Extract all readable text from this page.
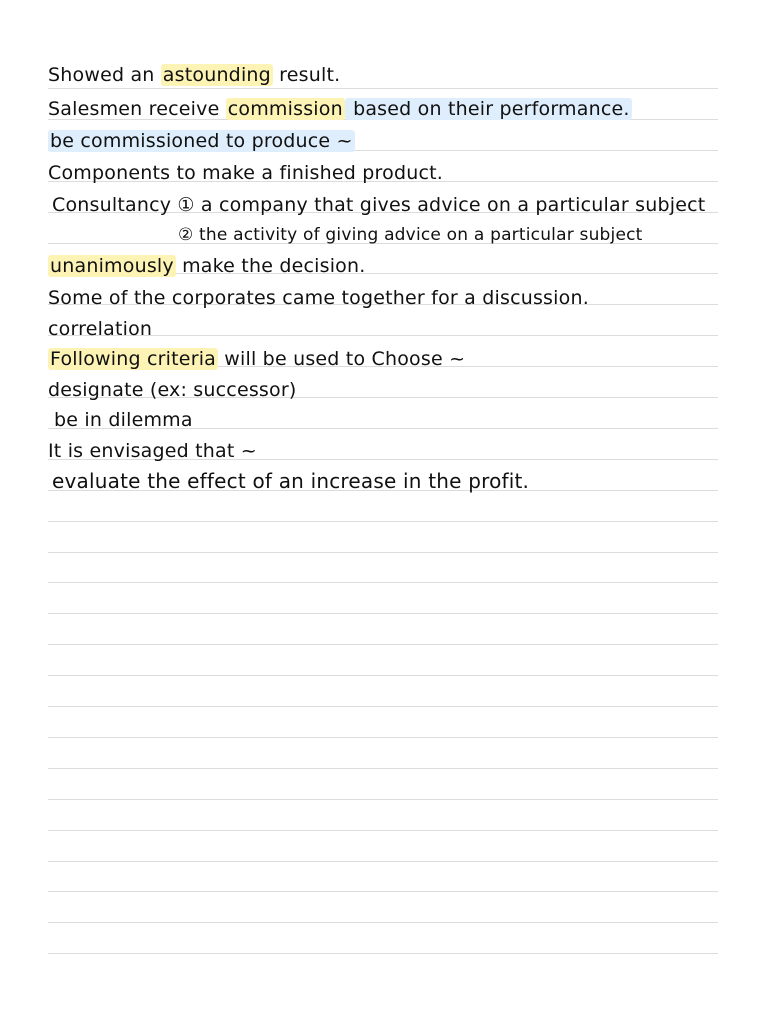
Showed an astounding result.
Salesmen receive commission based on their performance.
be commissioned to produce ~
Components to make a finished product.
Consultancy ① a company that gives advice on a particular subject
② the activity of giving advice on a particular subject
unanimously make the decision.
Some of the corporates came together for a discussion.
correlation
Following criteria will be used to Choose ~
designate (ex: successor)
be in dilemma
It is envisaged that ~
evaluate the effect of an increase in the profit.
